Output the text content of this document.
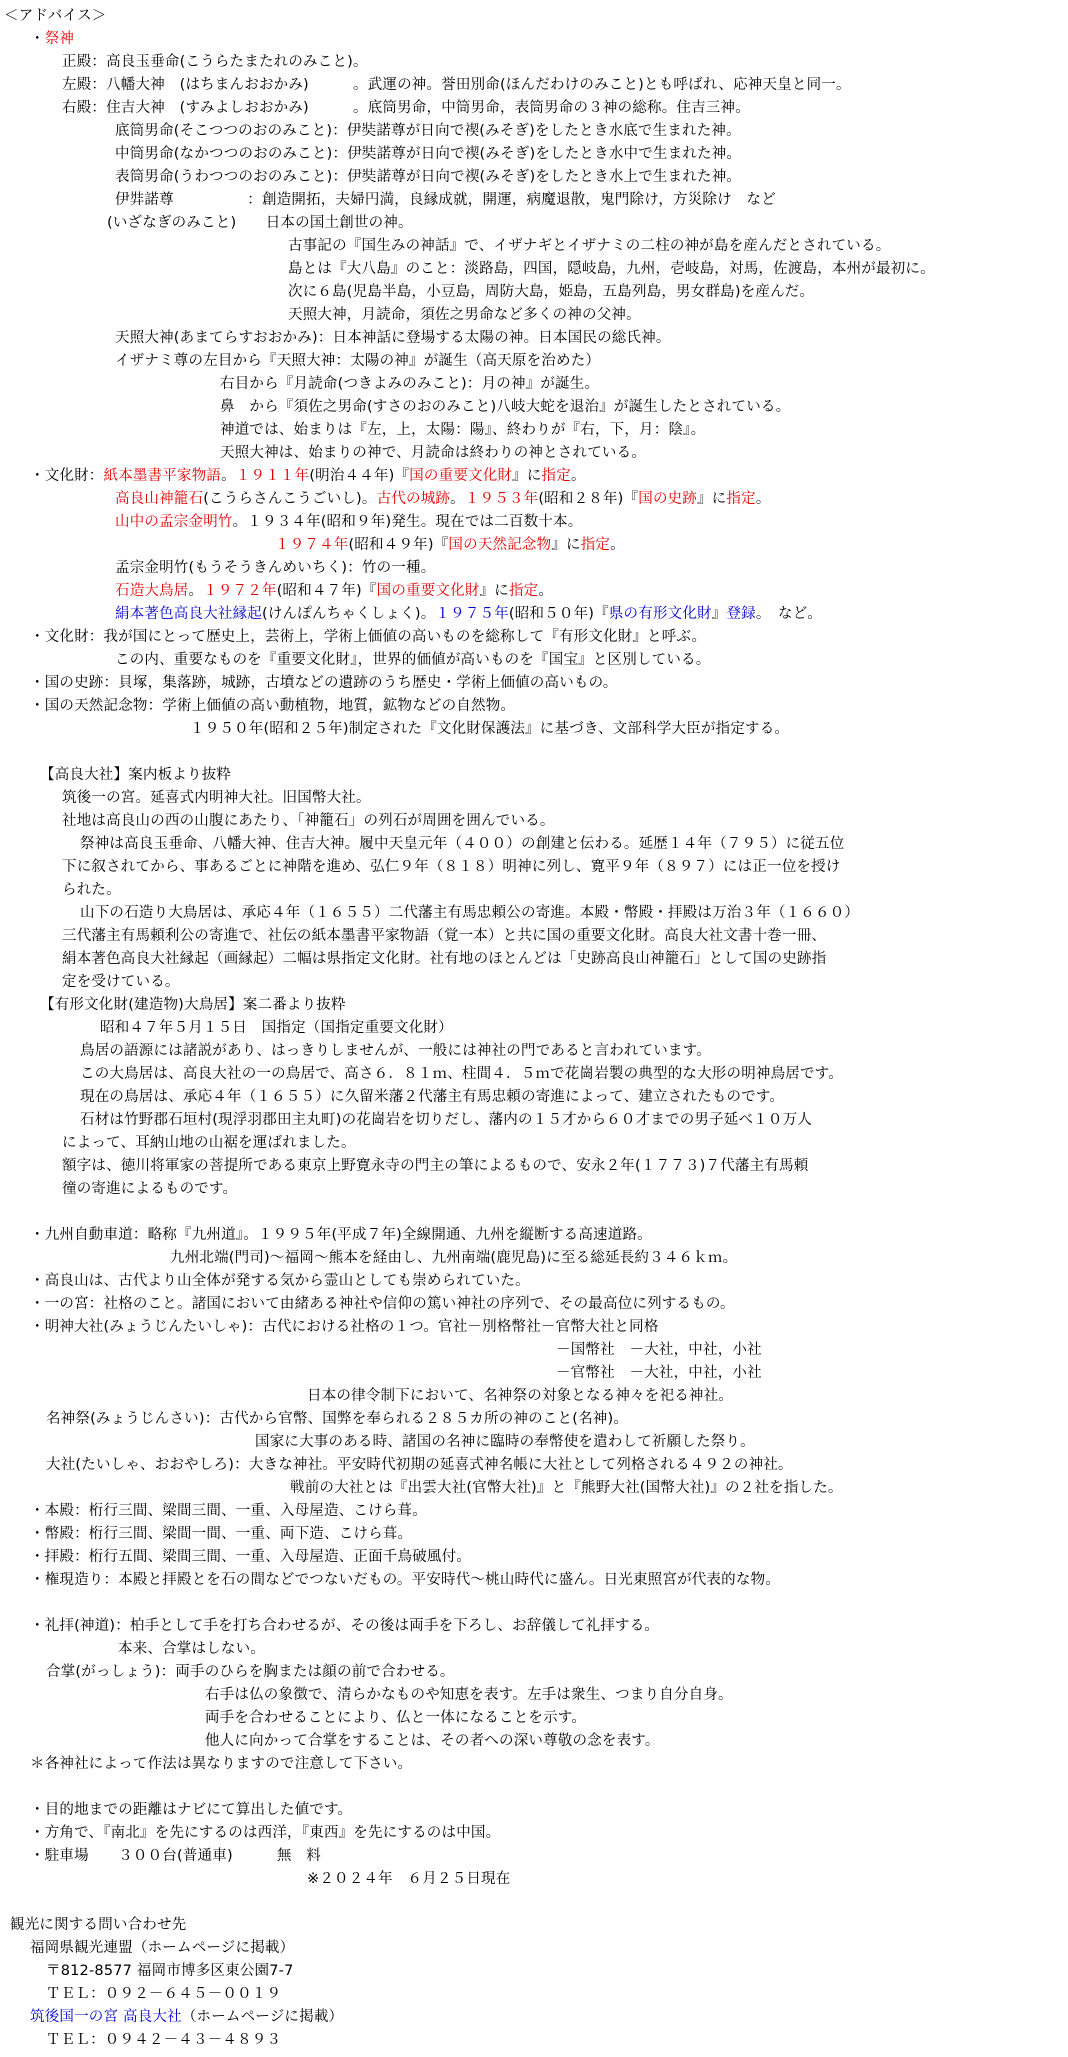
＜アドバイス＞
・祭神
正殿：高良玉垂命(こうらたまたれのみこと)。
左殿：八幡大神　(はちまんおおかみ)　　　。武運の神。誉田別命(ほんだわけのみこと)とも呼ばれ、応神天皇と同一。
右殿：住吉大神　(すみよしおおかみ)　　　。底筒男命，中筒男命，表筒男命の３神の総称。住吉三神。
底筒男命(そこつつのおのみこと)：伊奘諾尊が日向で禊(みそぎ)をしたとき水底で生まれた神。
中筒男命(なかつつのおのみこと)：伊奘諾尊が日向で禊(みそぎ)をしたとき水中で生まれた神。
表筒男命(うわつつのおのみこと)：伊奘諾尊が日向で禊(みそぎ)をしたとき水上で生まれた神。
伊弉諾尊　　　　　：創造開拓，夫婦円満，良縁成就，開運，病魔退散，鬼門除け，方災除け　など
(いざなぎのみこと)　　日本の国土創世の神。
古事記の『国生みの神話』で、イザナギとイザナミの二柱の神が島を産んだとされている。
島とは『大八島』のこと：淡路島，四国，隠岐島，九州，壱岐島，対馬，佐渡島，本州が最初に。
次に６島(児島半島，小豆島，周防大島，姫島，五島列島，男女群島)を産んだ。
天照大神，月読命，須佐之男命など多くの神の父神。
天照大神(あまてらすおおかみ)：日本神話に登場する太陽の神。日本国民の総氏神。
イザナミ尊の左目から『天照大神：太陽の神』が誕生（高天原を治めた）
右目から『月読命(つきよみのみこと)：月の神』が誕生。
鼻　から『須佐之男命(すさのおのみこと)八岐大蛇を退治』が誕生したとされている。
神道では、始まりは『左，上，太陽：陽』、終わりが『右，下，月：陰』。
天照大神は、始まりの神で、月読命は終わりの神とされている。
・文化財：紙本墨書平家物語。１９１１年(明治４４年)『国の重要文化財』に指定。
高良山神籠石(こうらさんこうごいし)。古代の城跡。１９５３年(昭和２８年)『国の史跡』に指定。
山中の孟宗金明竹。１９３４年(昭和９年)発生。現在では二百数十本。
１９７４年(昭和４９年)『国の天然記念物』に指定。
孟宗金明竹(もうそうきんめいちく)：竹の一種。
石造大鳥居。１９７２年(昭和４７年)『国の重要文化財』に指定。
絹本著色高良大社縁起(けんぽんちゃくしょく)。１９７５年(昭和５０年)『県の有形文化財』登録。　など。
・文化財：我が国にとって歴史上，芸術上，学術上価値の高いものを総称して『有形文化財』と呼ぶ。
この内、重要なものを『重要文化財』，世界的価値が高いものを『国宝』と区別している。
・国の史跡：貝塚，集落跡，城跡，古墳などの遺跡のうち歴史・学術上価値の高いもの。
・国の天然記念物：学術上価値の高い動植物，地質，鉱物などの自然物。
１９５０年(昭和２５年)制定された『文化財保護法』に基づき、文部科学大臣が指定する。
【高良大社】案内板より抜粋
筑後一の宮。延喜式内明神大社。旧国幣大社。
社地は高良山の西の山腹にあたり、「神籠石」の列石が周囲を囲んでいる。
祭神は高良玉垂命、八幡大神、住吉大神。履中天皇元年（４００）の創建と伝わる。延歴１４年（７９５）に従五位
下に叙されてから、事あるごとに神階を進め、弘仁９年（８１８）明神に列し、寛平９年（８９７）には正一位を授け
られた。
山下の石造り大鳥居は、承応４年（１６５５）二代藩主有馬忠頼公の寄進。本殿・幣殿・拝殿は万治３年（１６６０）
三代藩主有馬頼利公の寄進で、社伝の紙本墨書平家物語（覚一本）と共に国の重要文化財。高良大社文書十巻一冊、
絹本著色高良大社縁起（画縁起）二幅は県指定文化財。社有地のほとんどは「史跡高良山神籠石」として国の史跡指
定を受けている。
【有形文化財(建造物)大鳥居】案二番より抜粋
昭和４７年５月１５日　国指定（国指定重要文化財）
鳥居の語源には諸説があり、はっきりしませんが、一般には神社の門であると言われています。
この大鳥居は、高良大社の一の鳥居で、高さ６．８１ｍ、柱間４．５ｍで花崗岩製の典型的な大形の明神鳥居です。
現在の鳥居は、承応４年（１６５５）に久留米藩２代藩主有馬忠頼の寄進によって、建立されたものです。
石材は竹野郡石垣村(現浮羽郡田主丸町)の花崗岩を切りだし、藩内の１５才から６０才までの男子延べ１０万人
によって、耳納山地の山裾を運ばれました。
額字は、徳川将軍家の菩提所である東京上野寛永寺の門主の筆によるもので、安永２年(１７７３)７代藩主有馬頼
徸の寄進によるものです。
・九州自動車道：略称『九州道』。１９９５年(平成７年)全線開通、九州を縦断する高速道路。
九州北端(門司)～福岡～熊本を経由し、九州南端(鹿児島)に至る総延長約３４６ｋｍ。
・高良山は、古代より山全体が発する気から霊山としても崇められていた。
・一の宮：社格のこと。諸国において由緒ある神社や信仰の篤い神社の序列で、その最高位に列するもの。
・明神大社(みょうじんたいしゃ)：古代における社格の１つ。官社－別格幣社－官幣大社と同格
－国幣社　－大社，中社，小社
－官幣社　－大社，中社，小社
日本の律令制下において、名神祭の対象となる神々を祀る神社。
名神祭(みょうじんさい)：古代から官幣、国弊を奉られる２８５カ所の神のこと(名神)。
国家に大事のある時、諸国の名神に臨時の奉幣使を遣わして祈願した祭り。
大社(たいしゃ、おおやしろ)：大きな神社。平安時代初期の延喜式神名帳に大社として列格される４９２の神社。
戦前の大社とは『出雲大社(官幣大社)』と『熊野大社(国幣大社)』の２社を指した。
・本殿：桁行三間、梁間三間、一重、入母屋造、こけら葺。
・幣殿：桁行三間、梁間一間、一重、両下造、こけら葺。
・拝殿：桁行五間、梁間三間、一重、入母屋造、正面千鳥破風付。
・権現造り：本殿と拝殿とを石の間などでつないだもの。平安時代～桃山時代に盛ん。日光東照宮が代表的な物。
・礼拝(神道)：柏手として手を打ち合わせるが、その後は両手を下ろし、お辞儀して礼拝する。
本来、合掌はしない。
合掌(がっしょう)：両手のひらを胸または顔の前で合わせる。
右手は仏の象徴で、清らかなものや知恵を表す。左手は衆生、つまり自分自身。
両手を合わせることにより、仏と一体になることを示す。
他人に向かって合掌をすることは、その者への深い尊敬の念を表す。
＊各神社によって作法は異なりますので注意して下さい。
・目的地までの距離はナビにて算出した値です。
・方角で、『南北』を先にするのは西洋，『東西』を先にするのは中国。
・駐車場　　３００台(普通車)　　　無　料
※２０２４年　６月２５日現在
観光に関する問い合わせ先
福岡県観光連盟（ホームページに掲載）
〒812-8577 福岡市博多区東公園7-7
ＴＥＬ：０９２－６４５－００１９
筑後国一の宮 高良大社（ホームページに掲載）
ＴＥＬ：０９４２－４３－４８９３
